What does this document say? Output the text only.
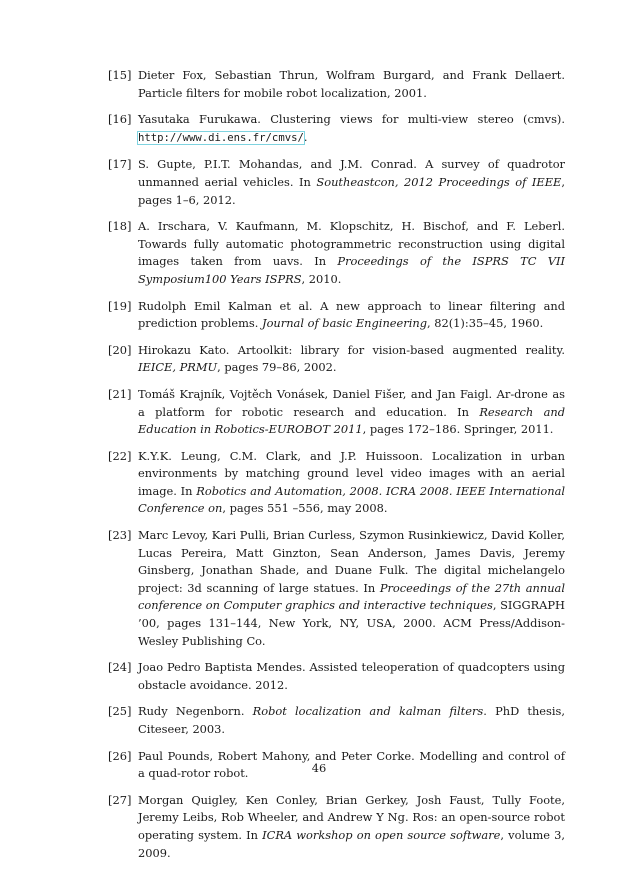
[15] Dieter Fox, Sebastian Thrun, Wolfram Burgard, and Frank Dellaert. Particle filters for mobile robot localization, 2001.
[16] Yasutaka Furukawa. Clustering views for multi-view stereo (cmvs). http://www.di.ens.fr/cmvs/.
[17] S. Gupte, P.I.T. Mohandas, and J.M. Conrad. A survey of quadrotor unmanned aerial vehicles. In Southeastcon, 2012 Proceedings of IEEE, pages 1–6, 2012.
[18] A. Irschara, V. Kaufmann, M. Klopschitz, H. Bischof, and F. Leberl. Towards fully automatic photogrammetric reconstruction using digital images taken from uavs. In Proceedings of the ISPRS TC VII Symposium100 Years ISPRS, 2010.
[19] Rudolph Emil Kalman et al. A new approach to linear filtering and prediction problems. Journal of basic Engineering, 82(1):35–45, 1960.
[20] Hirokazu Kato. Artoolkit: library for vision-based augmented reality. IEICE, PRMU, pages 79–86, 2002.
[21] Tomáš Krajník, Vojtěch Vonásek, Daniel Fišer, and Jan Faigl. Ar-drone as a platform for robotic research and education. In Research and Education in Robotics-EUROBOT 2011, pages 172–186. Springer, 2011.
[22] K.Y.K. Leung, C.M. Clark, and J.P. Huissoon. Localization in urban environments by matching ground level video images with an aerial image. In Robotics and Automation, 2008. ICRA 2008. IEEE International Conference on, pages 551 –556, may 2008.
[23] Marc Levoy, Kari Pulli, Brian Curless, Szymon Rusinkiewicz, David Koller, Lucas Pereira, Matt Ginzton, Sean Anderson, James Davis, Jeremy Ginsberg, Jonathan Shade, and Duane Fulk. The digital michelangelo project: 3d scanning of large statues. In Proceedings of the 27th annual conference on Computer graphics and interactive techniques, SIGGRAPH ’00, pages 131–144, New York, NY, USA, 2000. ACM Press/Addison-Wesley Publishing Co.
[24] Joao Pedro Baptista Mendes. Assisted teleoperation of quadcopters using obstacle avoidance. 2012.
[25] Rudy Negenborn. Robot localization and kalman filters. PhD thesis, Citeseer, 2003.
[26] Paul Pounds, Robert Mahony, and Peter Corke. Modelling and control of a quad-rotor robot.
[27] Morgan Quigley, Ken Conley, Brian Gerkey, Josh Faust, Tully Foote, Jeremy Leibs, Rob Wheeler, and Andrew Y Ng. Ros: an open-source robot operating system. In ICRA workshop on open source software, volume 3, 2009.
46
